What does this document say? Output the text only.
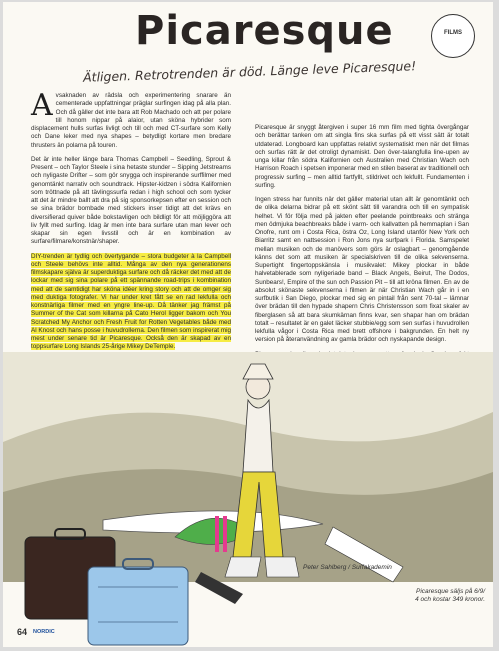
Picaresque	FILMS
Ätligen. Retrotrenden är död. Länge leve Picaresque!

A vsaknaden av rädsla och experimentering snarare än cementerade uppfattningar präglar surfingen idag på alla plan. Och då gäller det inte bara att Rob Machado och att per polare till honom nippar på alaior, utan sköna hybrider som displacement hulls surfas livligt och till och med CT-surfare som Kelly och Dane leker med nya shapes – betydligt kortare men bredare thrusters än polarna på touren.

Det är inte heller länge bara Thomas Campbell – Seedling, Sprout & Present – och Taylor Steele i sina hetaste stunder – Sipping Jetstreams och nyligaste Drifter – som gör snygga och inspirerande surffilmer med genomtänkt narrativ och soundtrack. Hipster-kidzen i södra Kalifornien som tröttnade på att tävlingssurfa redan i high school och som tycker att det är mindre ballt att dra på sig sponsorkepsen efter en session och se sina brädor bombade med stickers inser tidigt att det krävs en diversifierad quiver både bokstavligen och bildligt för att möjliggöra att liv fyllt med surfing. Idag är men inte bara surfare utan man lever och skapar sin egen livsstil och är en kombination av surfare/filmare/konstnär/shaper.

DIY-trenden är tydlig och övertygande – stora budgeter à la Campbell och Steele behövs inte alltid. Många av den nya generationens filmskapare själva är superduktiga surfare och då räcker det med att de lockar med sig sina polare på ett spännande road-trips i kombination med att de samtidigt har sköna idéer kring story och att de omger sig med duktiga fotografer. Vi har under kret fått se en rad lekfulla och konstnärliga filmer med en yngre line-up. Då tänker jag främst på Summer of the Cat som killarna på Cato Herol ligger bakom och You Scratched My Anchor och Fresh Fruit for Rotten Vegetables både med Al Knost och hans posse i huvudrollerna. Den filmen som inspirerat mig mest under senare tid är Picaresque. Också den är skapad av en toppsurfare Long Islands 25-årige Mikey DeTemple.

Picaresque är snyggt återgiven i super 16 mm film med tighta övergångar och berättar tanken om att singla fins ska surfas på ett visst sätt är totalt utdaterad. Longboard kan uppfattas relativt systematiskt men när det filmas och surfas rätt är det otroligt dynamiskt. Den över-talangfulla line-upen av unga killar från södra Kalifornien och Australien med Christian Wach och Harrison Roach i spetsen imponerar med en stilen baserat av traditionell och progressiv surfing – men alltid fartfyllt, stildrivet och lekfullt. Fundamenten i surfing.

Ingen stress har funnits när det gäller material utan allt är genomtänkt och de olika delarna bidrar på ett skönt sätt till varandra och till en sympatisk helhet. Vi för följa med på jakten efter peelande pointbreaks och stränga men ödmjuka beachbreaks både i varm- och kallvatten på hemmaplan i San Onofre, runt om i Costa Rica, östra Oz, Long Island utanför New York och Biarritz samt en nattsession i Ron Jons nya surfpark i Florida. Samspelet mellan musiken och de manövers som görs är oslagbart – genomgående känns det som att musiken är specialskriven till de olika sekvenserna. Supertight fingertoppskänsla i musikvalet: Mikey plockar in både halvetablerade som nyligeriade band – Black Angels, Beirut, The Dodos, Sunbears!, Empire of the sun och Passion Pit – till att kröna filmen. En av de absolut skönaste sekvenserna i filmen är när Christian Wach går in i en surfbutik i San Diego, plockar med sig en pintail från sent 70-tal – lämnar över brädan till den hypade shapern Chris Christensson som fixat skaler av fiberglasen så att bara skumkärnan finns kvar, sen shapar han om brädan totalt – resultatet är en galet läcker stubbie/egg som sen surfas i huvudrollen lekfulla vågor i Costa Rica med brett offshore i bakgrunden. En helt ny version på återanvändning av gamla brädor och nyskapande design.

Peter Sahlberg / Surfakademin
Picaresque säljs på 6/9/ 4 och kostar 349 kronor.
64 NORDIC
